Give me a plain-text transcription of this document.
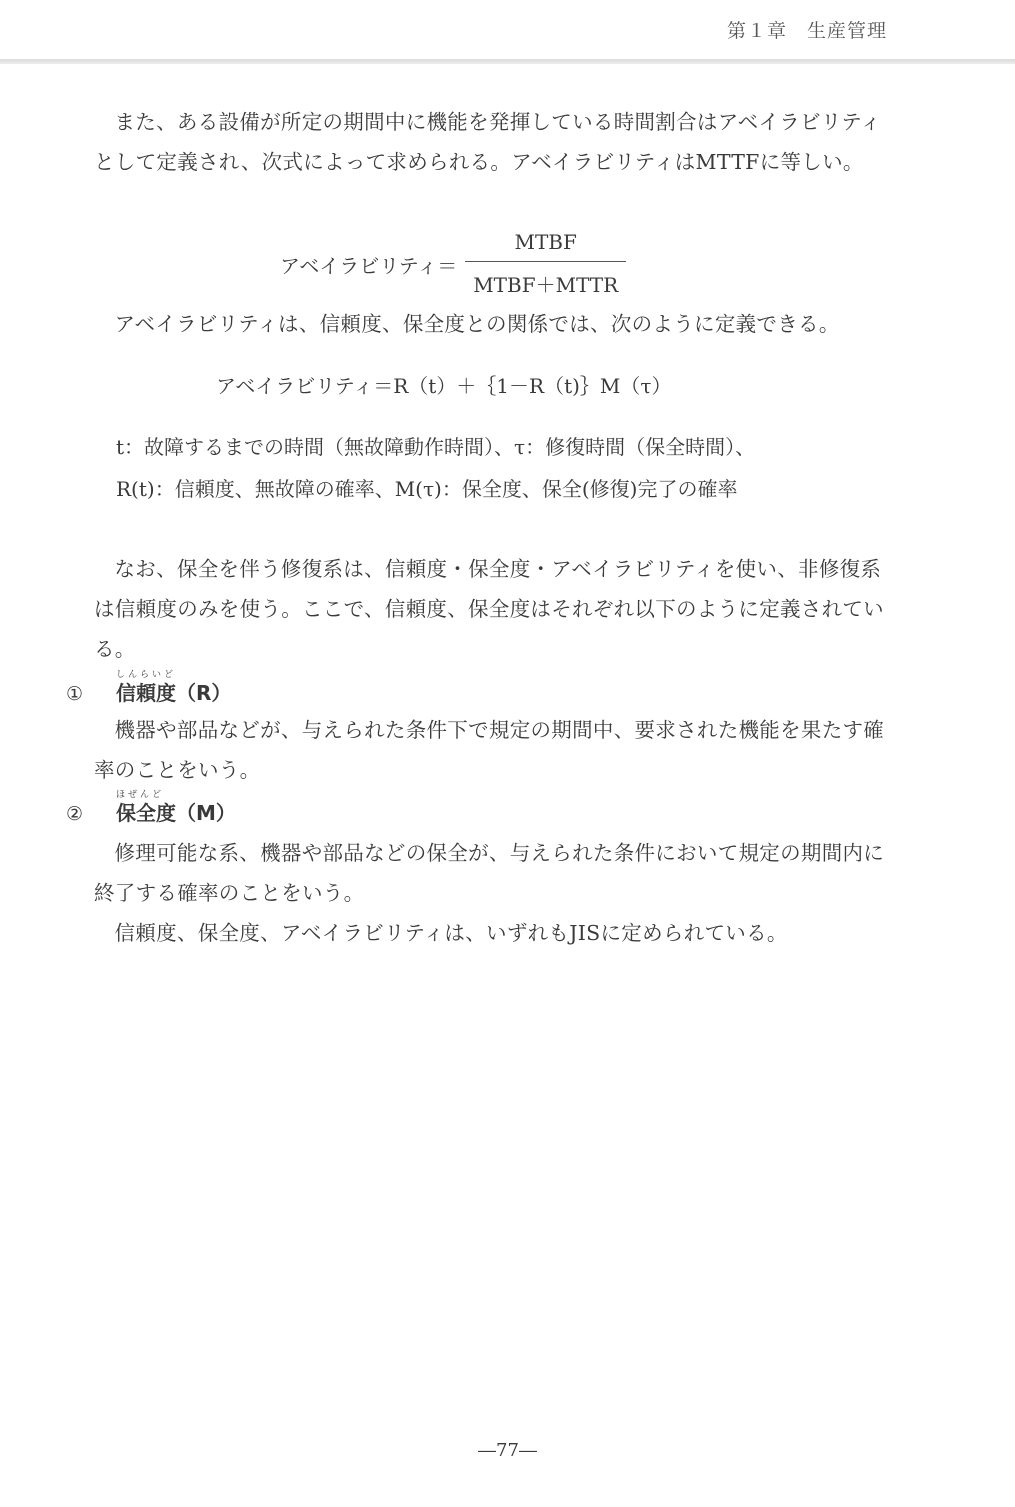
第１章　生産管理

また、ある設備が所定の期間中に機能を発揮している時間割合はアベイラビリティとして定義され、次式によって求められる。アベイラビリティはMTTFに等しい。

アベイラビリティ＝ $\frac{\text{MTBF}}{\text{MTBF＋MTTR}}$

アベイラビリティは、信頼度、保全度との関係では、次のように定義できる。

アベイラビリティ＝R（t）＋｛1－R（t)｝M（τ）
t：故障するまでの時間（無故障動作時間）、τ：修復時間（保全時間）、
R(t)：信頼度、無故障の確率、M(τ)：保全度、保全(修復)完了の確率

なお、保全を伴う修復系は、信頼度・保全度・アベイラビリティを使い、非修復系は信頼度のみを使う。ここで、信頼度、保全度はそれぞれ以下のように定義されている。

①
しんらいど
信頼度（R）

機器や部品などが、与えられた条件下で規定の期間中、要求された機能を果たす確率のことをいう。

②
ほぜんど
保全度（M）

修理可能な系、機器や部品などの保全が、与えられた条件において規定の期間内に終了する確率のことをいう。

信頼度、保全度、アベイラビリティは、いずれもJISに定められている。

―77―
